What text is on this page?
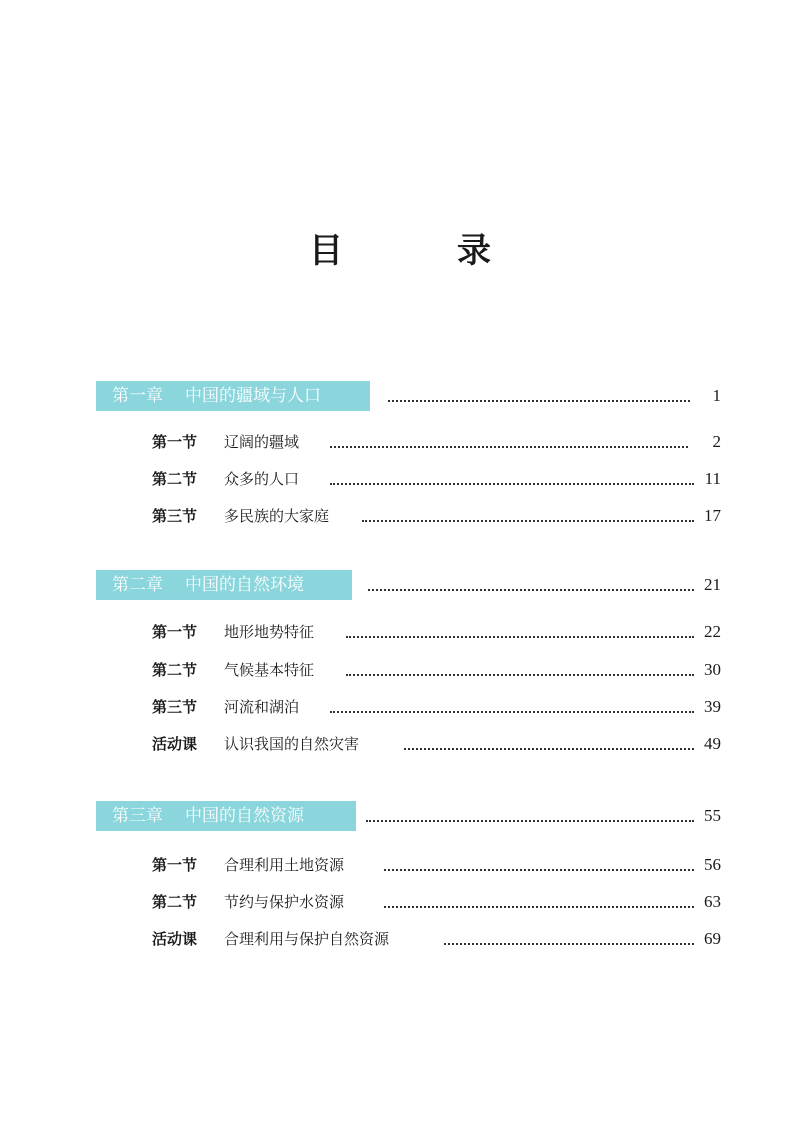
目　录
第一章 中国的疆域与人口	1
第一节 辽阔的疆域	2
第二节 众多的人口	11
第三节 多民族的大家庭	17
第二章 中国的自然环境	21
第一节 地形地势特征	22
第二节 气候基本特征	30
第三节 河流和湖泊	39
活动课 认识我国的自然灾害	49
第三章 中国的自然资源	55
第一节 合理利用土地资源	56
第二节 节约与保护水资源	63
活动课 合理利用与保护自然资源	69
